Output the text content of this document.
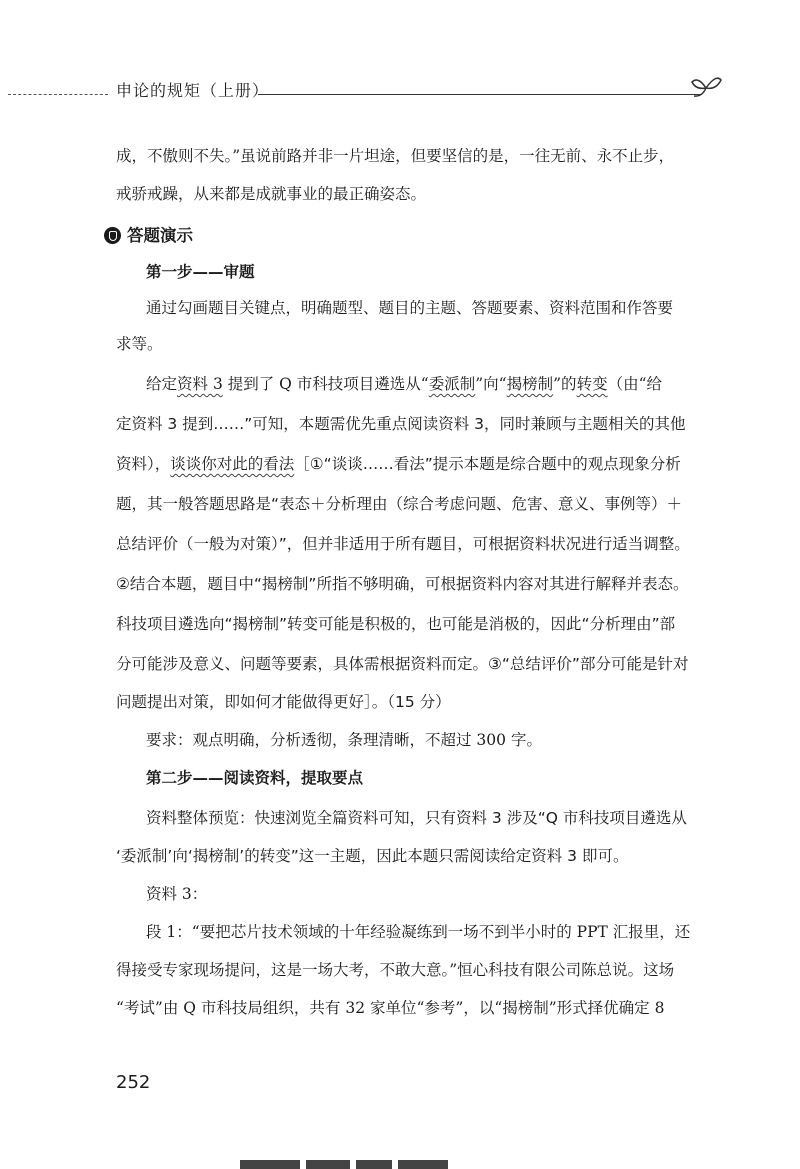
申论的规矩（上册）
成，不傲则不失。”虽说前路并非一片坦途，但要坚信的是，一往无前、永不止步，
戒骄戒躁，从来都是成就事业的最正确姿态。
答题演示
第一步——审题
通过勾画题目关键点，明确题型、题目的主题、答题要素、资料范围和作答要
求等。
给定资料 3 提到了 Q 市科技项目遴选从“委派制”向“揭榜制”的转变（由“给
定资料 3 提到……”可知，本题需优先重点阅读资料 3，同时兼顾与主题相关的其他
资料），谈谈你对此的看法［①“谈谈……看法”提示本题是综合题中的观点现象分析
题，其一般答题思路是“表态＋分析理由（综合考虑问题、危害、意义、事例等）＋
总结评价（一般为对策）”，但并非适用于所有题目，可根据资料状况进行适当调整。
②结合本题，题目中“揭榜制”所指不够明确，可根据资料内容对其进行解释并表态。
科技项目遴选向“揭榜制”转变可能是积极的，也可能是消极的，因此“分析理由”部
分可能涉及意义、问题等要素，具体需根据资料而定。③“总结评价”部分可能是针对
问题提出对策，即如何才能做得更好］。（15 分）
要求：观点明确，分析透彻，条理清晰，不超过 300 字。
第二步——阅读资料，提取要点
资料整体预览：快速浏览全篇资料可知，只有资料 3 涉及“Q 市科技项目遴选从
‘委派制’向‘揭榜制’的转变”这一主题，因此本题只需阅读给定资料 3 即可。
资料 3：
段 1：“要把芯片技术领域的十年经验凝练到一场不到半小时的 PPT 汇报里，还
得接受专家现场提问，这是一场大考，不敢大意。”恒心科技有限公司陈总说。这场
“考试”由 Q 市科技局组织，共有 32 家单位“参考”，以“揭榜制”形式择优确定 8
252
